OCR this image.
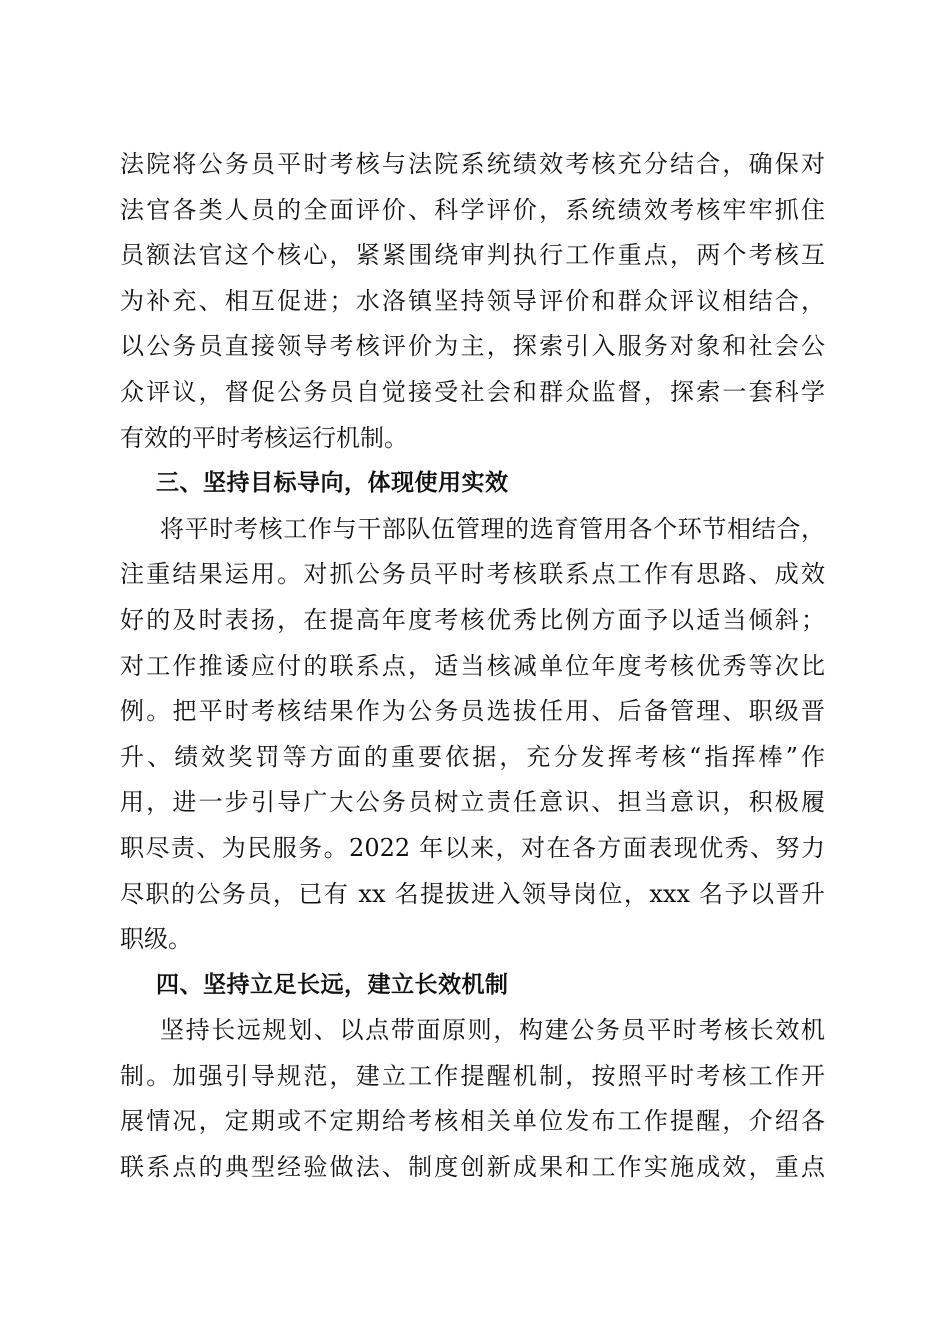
法院将公务员平时考核与法院系统绩效考核充分结合，确保对
法官各类人员的全面评价、科学评价，系统绩效考核牢牢抓住
员额法官这个核心，紧紧围绕审判执行工作重点，两个考核互
为补充、相互促进；水洛镇坚持领导评价和群众评议相结合，
以公务员直接领导考核评价为主，探索引入服务对象和社会公
众评议，督促公务员自觉接受社会和群众监督，探索一套科学
有效的平时考核运行机制。
三、坚持目标导向，体现使用实效
将平时考核工作与干部队伍管理的选育管用各个环节相结合，
注重结果运用。对抓公务员平时考核联系点工作有思路、成效
好的及时表扬，在提高年度考核优秀比例方面予以适当倾斜；
对工作推诿应付的联系点，适当核减单位年度考核优秀等次比
例。把平时考核结果作为公务员选拔任用、后备管理、职级晋
升、绩效奖罚等方面的重要依据，充分发挥考核“指挥棒”作
用，进一步引导广大公务员树立责任意识、担当意识，积极履
职尽责、为民服务。2022 年以来，对在各方面表现优秀、努力
尽职的公务员，已有 xx 名提拔进入领导岗位，xxx 名予以晋升
职级。
四、坚持立足长远，建立长效机制
坚持长远规划、以点带面原则，构建公务员平时考核长效机
制。加强引导规范，建立工作提醒机制，按照平时考核工作开
展情况，定期或不定期给考核相关单位发布工作提醒，介绍各
联系点的典型经验做法、制度创新成果和工作实施成效，重点
